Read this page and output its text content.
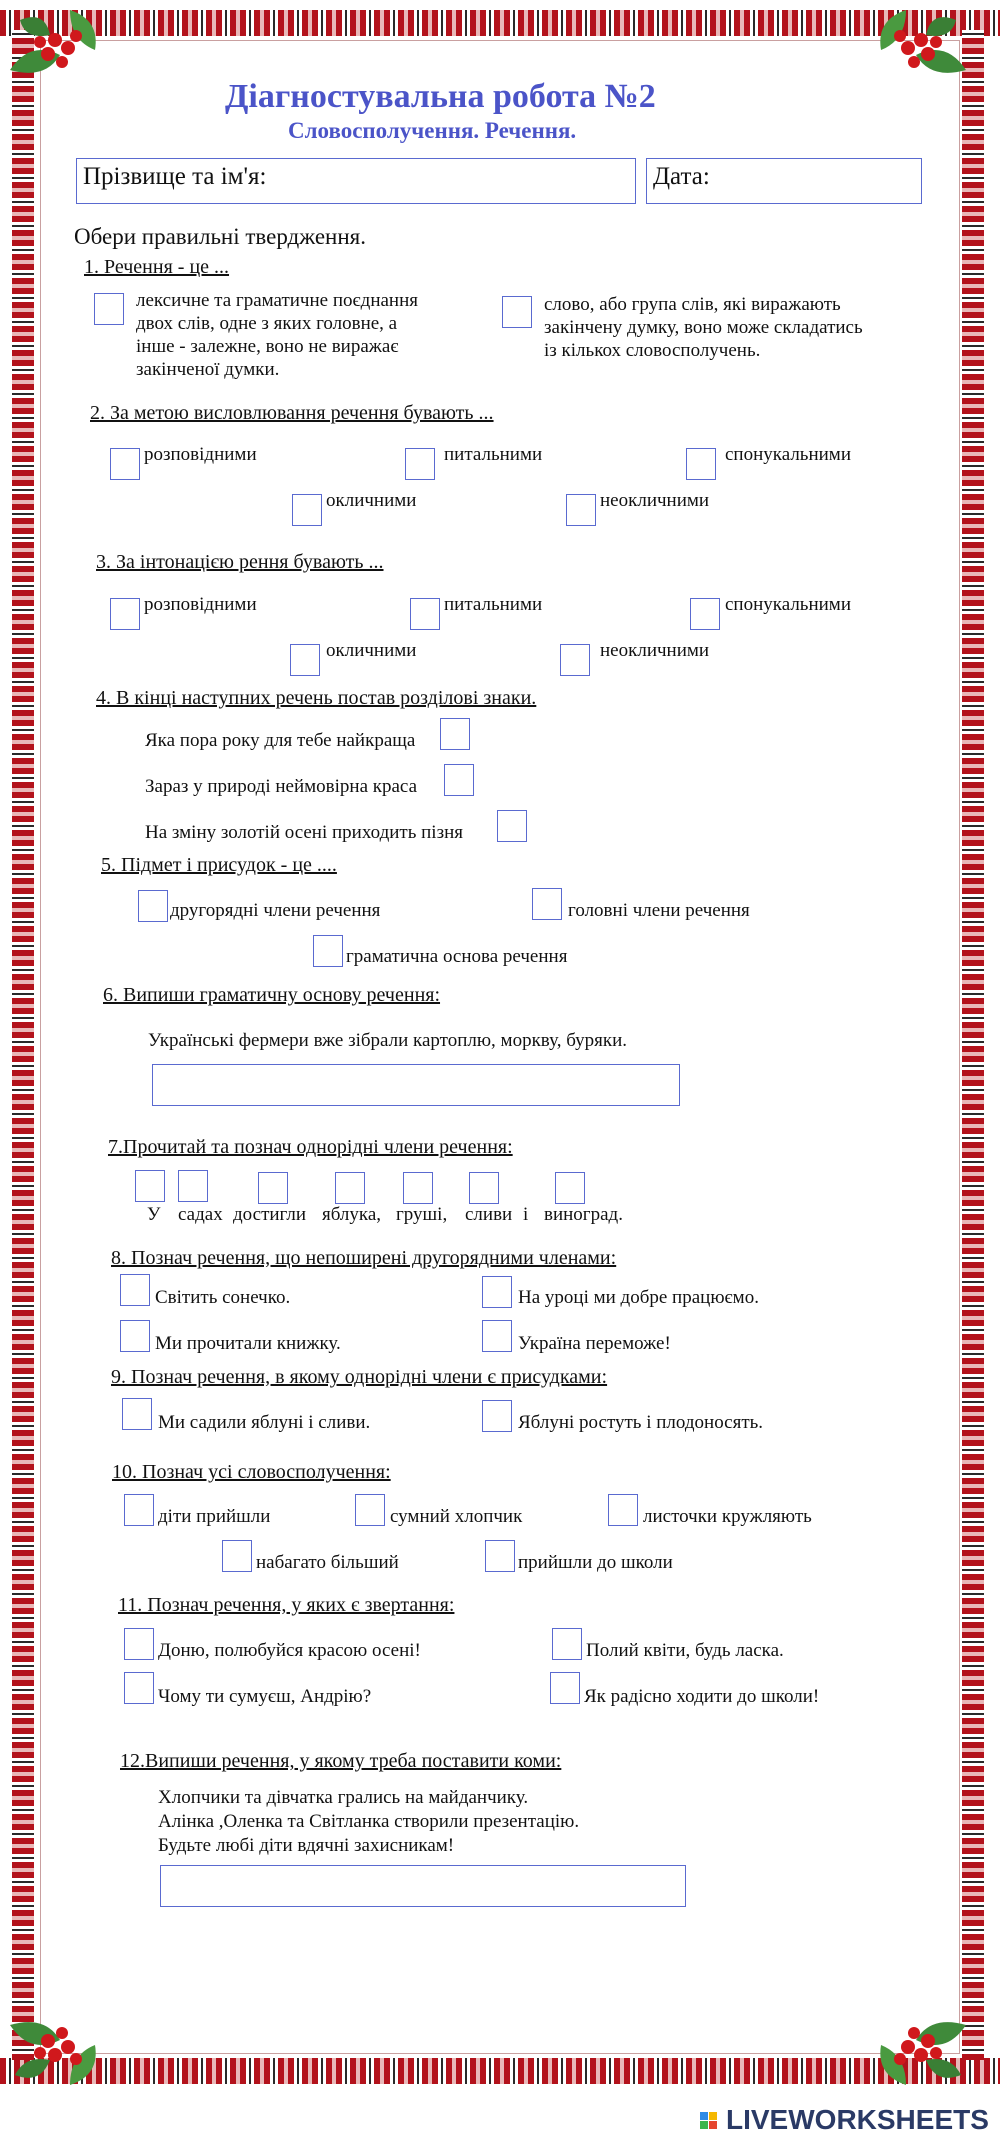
Діагностувальна робота №2
Словосполучення. Речення.
Прізвище та ім'я:	Дата:
Обери правильні твердження.
1. Речення - це ...
лексичне та граматичне поєднання
двох слів, одне з яких головне, а
інше - залежне, воно не виражає
закінченої думки.
слово, або група слів, які виражають
закінчену думку, воно може складатись
із кількох словосполучень.
2. За метою висловлювання речення бувають ...
розповідними	питальними	спонукальними
окличними	неокличними
3. За інтонацією рення бувають ...
розповідними	питальними	спонукальними
окличними	неокличними
4. В кінці наступних речень постав розділові знаки.
Яка пора року для тебе найкраща
Зараз у природі неймовірна краса
На зміну золотій осені приходить пізня
5. Підмет і присудок - це ....
другорядні члени речення	головні члени речення
граматична основа речення
6. Випиши граматичну основу речення:
Українські фермери вже зібрали картоплю, моркву, буряки.
7.Прочитай та познач однорідні члени речення:
У садах достигли яблука, груші, сливи і виноград.
8. Познач речення, що непоширені другорядними членами:
Світить сонечко.	На уроці ми добре працюємо.
Ми прочитали книжку.	Україна переможе!
9. Познач речення, в якому однорідні члени є присудками:
Ми садили яблуні і сливи.	Яблуні ростуть і плодоносять.
10. Познач усі словосполучення:
діти прийшли	сумний хлопчик	листочки кружляють
набагато більший	прийшли до школи
11. Познач речення, у яких є звертання:
Доню, полюбуйся красою осені!	Полий квіти, будь ласка.
Чому ти сумуєш, Андрію?	Як радісно ходити до школи!
12.Випиши речення, у якому треба поставити коми:
Хлопчики та дівчатка грались на майданчику.
Алінка ,Оленка та Світланка створили презентацію.
Будьте любі діти вдячні захисникам!
LIVEWORKSHEETS
